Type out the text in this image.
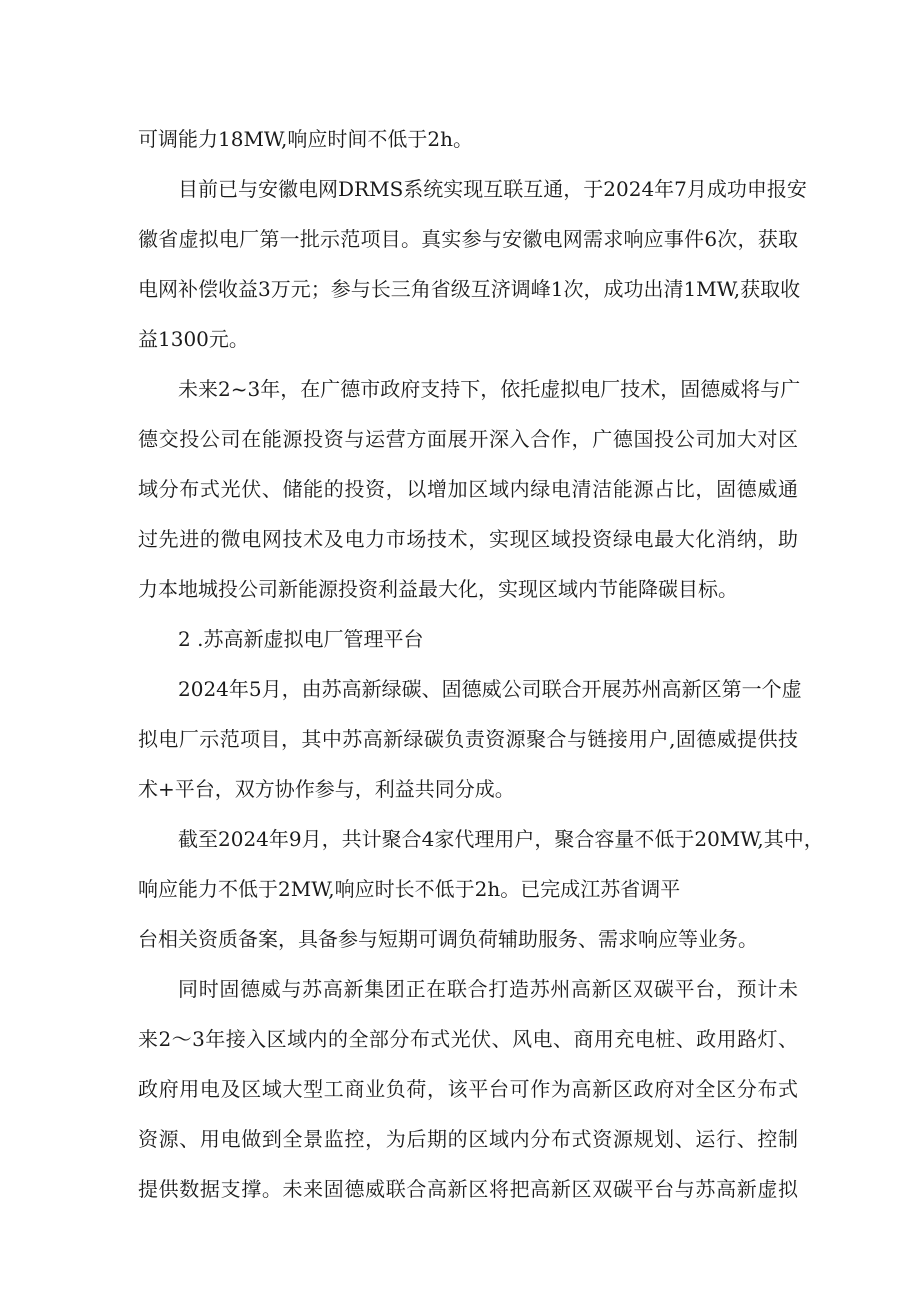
可调能力18MW,响应时间不低于2h。
目前已与安徽电网DRMS系统实现互联互通，于2024年7月成功申报安
徽省虚拟电厂第一批示范项目。真实参与安徽电网需求响应事件6次，获取
电网补偿收益3万元；参与长三角省级互济调峰1次，成功出清1MW,获取收
益1300元。
未来2~3年，在广德市政府支持下，依托虚拟电厂技术，固德威将与广
德交投公司在能源投资与运营方面展开深入合作，广德国投公司加大对区
域分布式光伏、储能的投资，以增加区域内绿电清洁能源占比，固德威通
过先进的微电网技术及电力市场技术，实现区域投资绿电最大化消纳，助
力本地城投公司新能源投资利益最大化，实现区域内节能降碳目标。
2 .苏高新虚拟电厂管理平台
2024年5月，由苏高新绿碳、固德威公司联合开展苏州高新区第一个虚
拟电厂示范项目，其中苏高新绿碳负责资源聚合与链接用户,固德威提供技
术+平台，双方协作参与，利益共同分成。
截至2024年9月，共计聚合4家代理用户，聚合容量不低于20MW,其中，
响应能力不低于2MW,响应时长不低于2h。已完成江苏省调平
台相关资质备案，具备参与短期可调负荷辅助服务、需求响应等业务。
同时固德威与苏高新集团正在联合打造苏州高新区双碳平台，预计未
来2～3年接入区域内的全部分布式光伏、风电、商用充电桩、政用路灯、
政府用电及区域大型工商业负荷，该平台可作为高新区政府对全区分布式
资源、用电做到全景监控，为后期的区域内分布式资源规划、运行、控制
提供数据支撑。未来固德威联合高新区将把高新区双碳平台与苏高新虚拟
